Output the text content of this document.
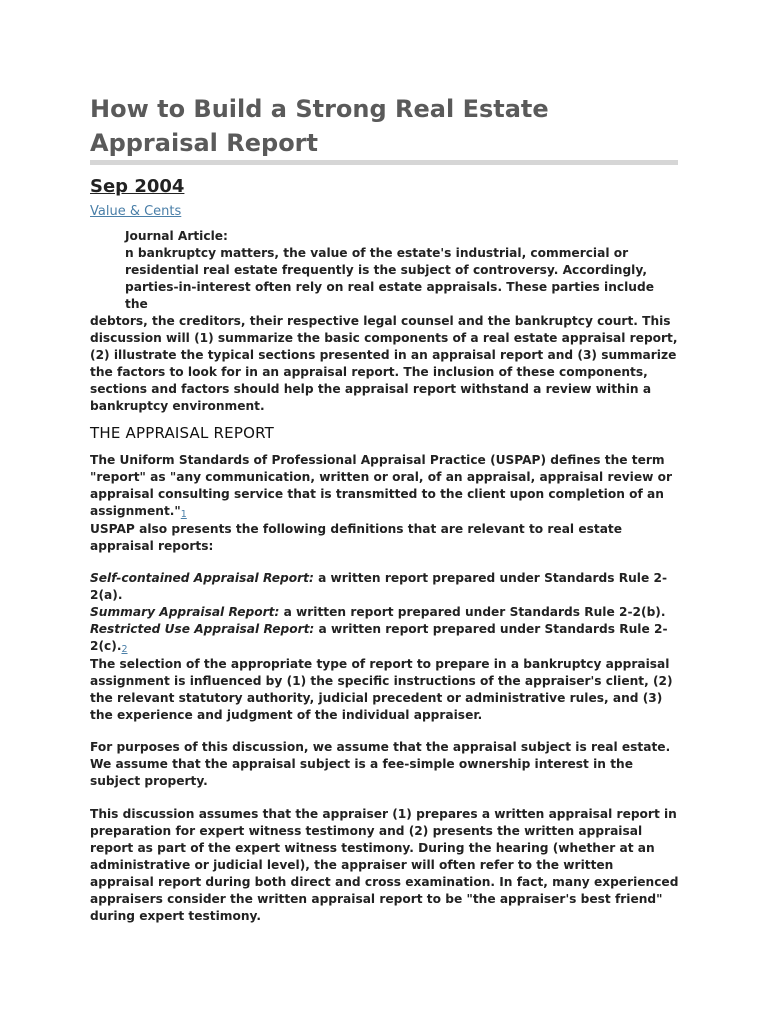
How to Build a Strong Real Estate Appraisal Report
Sep 2004
Value & Cents
Journal Article:
n bankruptcy matters, the value of the estate's industrial, commercial or
residential real estate frequently is the subject of controversy. Accordingly,
parties-in-interest often rely on real estate appraisals. These parties include the
debtors, the creditors, their respective legal counsel and the bankruptcy court. This discussion will (1) summarize the basic components of a real estate appraisal report, (2) illustrate the typical sections presented in an appraisal report and (3) summarize the factors to look for in an appraisal report. The inclusion of these components, sections and factors should help the appraisal report withstand a review within a bankruptcy environment.
THE APPRAISAL REPORT
The Uniform Standards of Professional Appraisal Practice (USPAP) defines the term "report" as "any communication, written or oral, of an appraisal, appraisal review or appraisal consulting service that is transmitted to the client upon completion of an assignment."1
USPAP also presents the following definitions that are relevant to real estate appraisal reports:
Self-contained Appraisal Report: a written report prepared under Standards Rule 2-2(a).
Summary Appraisal Report: a written report prepared under Standards Rule 2-2(b).
Restricted Use Appraisal Report: a written report prepared under Standards Rule 2-2(c).2
The selection of the appropriate type of report to prepare in a bankruptcy appraisal assignment is influenced by (1) the specific instructions of the appraiser's client, (2) the relevant statutory authority, judicial precedent or administrative rules, and (3) the experience and judgment of the individual appraiser.
For purposes of this discussion, we assume that the appraisal subject is real estate. We assume that the appraisal subject is a fee-simple ownership interest in the subject property.
This discussion assumes that the appraiser (1) prepares a written appraisal report in preparation for expert witness testimony and (2) presents the written appraisal report as part of the expert witness testimony. During the hearing (whether at an administrative or judicial level), the appraiser will often refer to the written appraisal report during both direct and cross examination. In fact, many experienced appraisers consider the written appraisal report to be "the appraiser's best friend" during expert testimony.
